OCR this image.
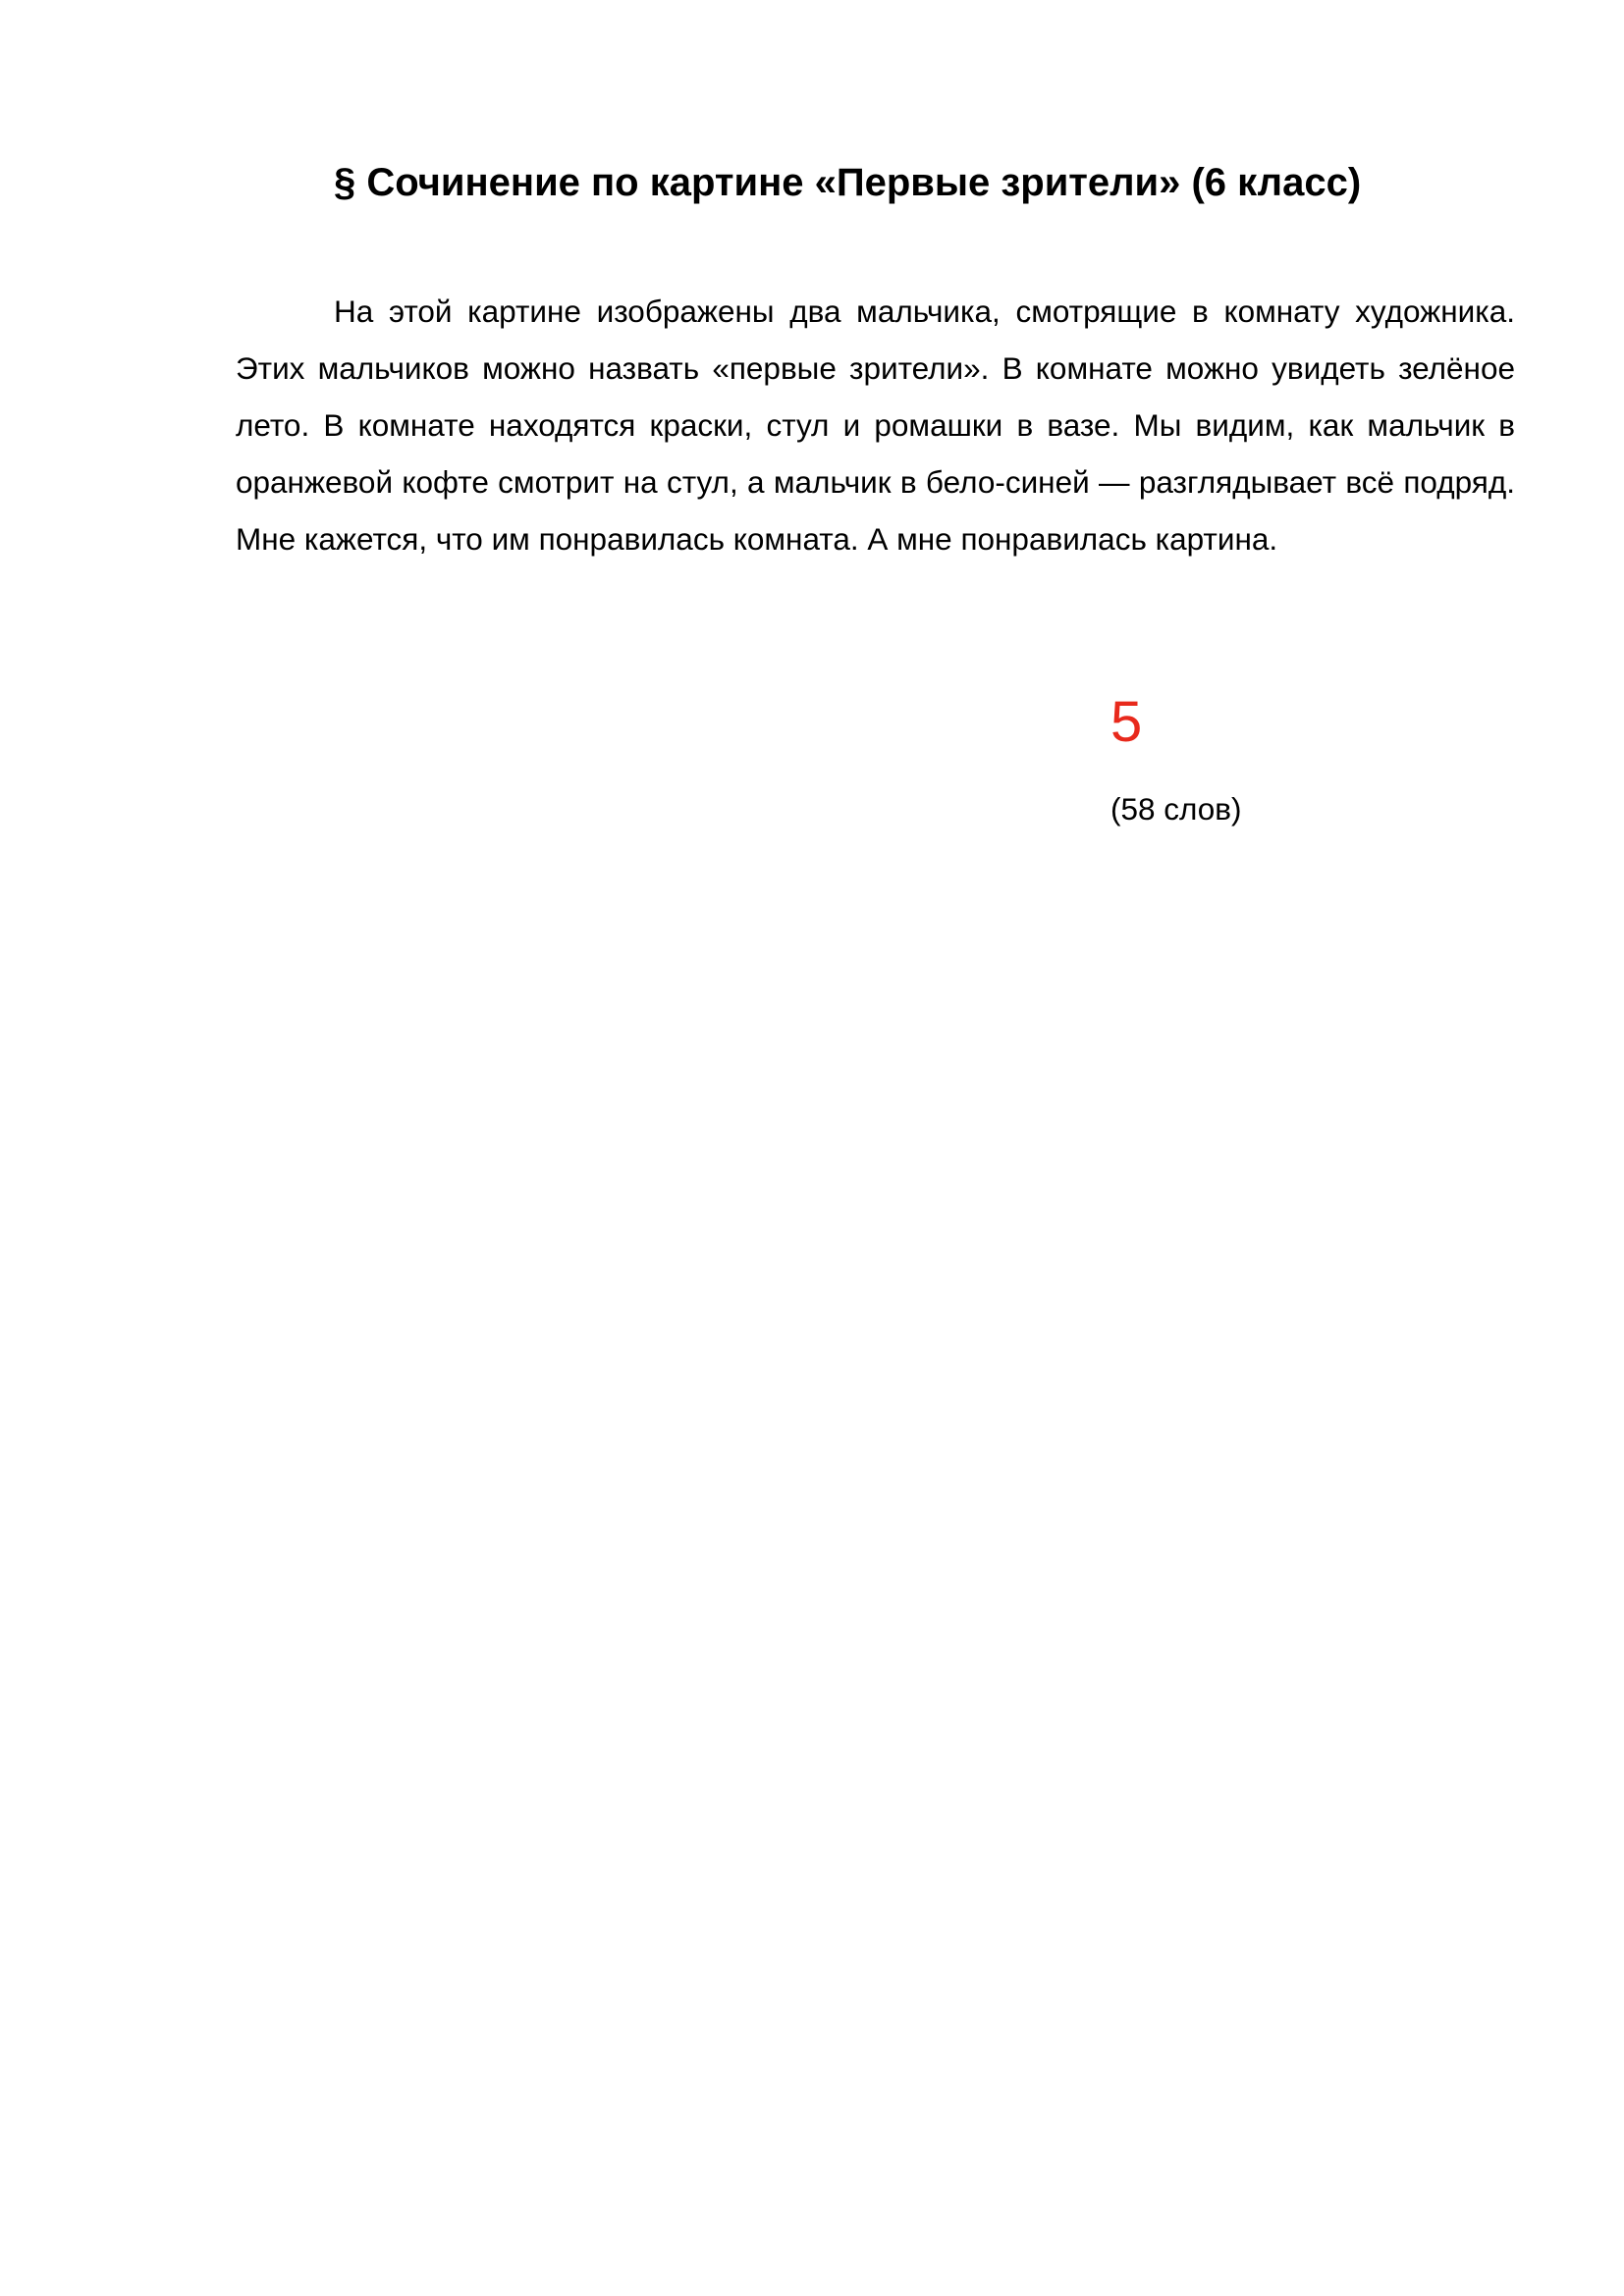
§ Сочинение по картине «Первые зрители» (6 класс)

На этой картине изображены два мальчика, смотрящие в комнату художника. Этих мальчиков можно назвать «первые зрители». В комнате можно увидеть зелёное лето. В комнате находятся краски, стул и ромашки в вазе. Мы видим, как мальчик в оранжевой кофте смотрит на стул, а мальчик в бело-синей — разглядывает всё подряд. Мне кажется, что им понравилась комната. А мне понравилась картина.

5
(58 слов)
